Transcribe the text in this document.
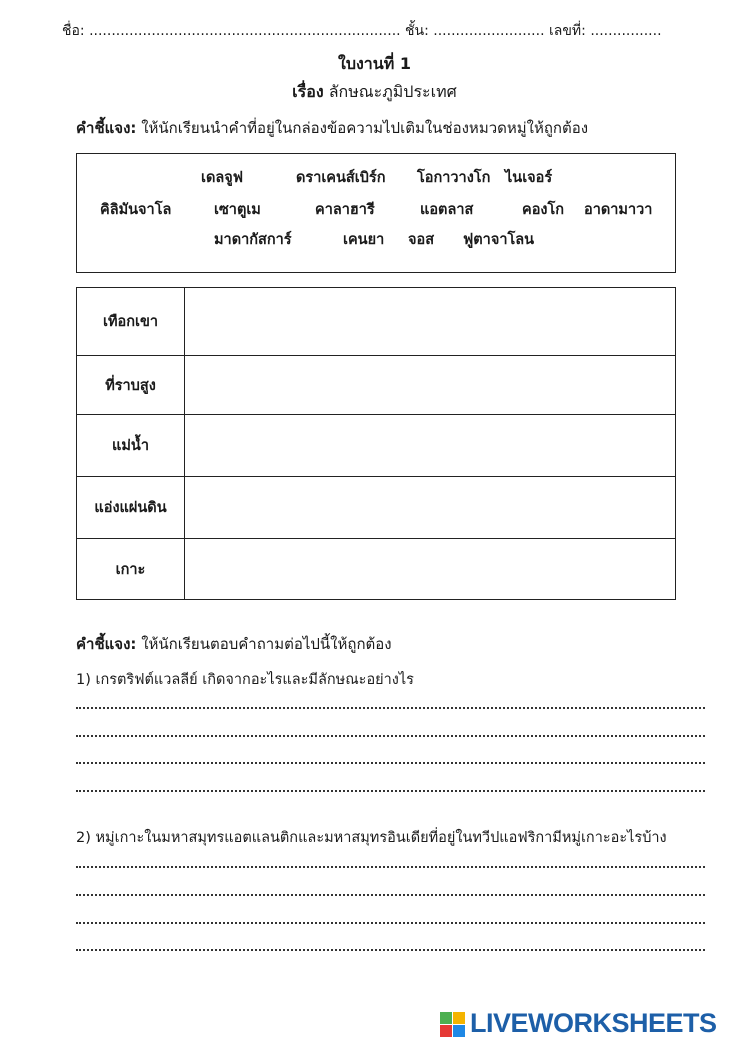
ชื่อ: ...................................................................... ชั้น: ......................... เลขที่: ................
ใบงานที่ 1
เรื่อง ลักษณะภูมิประเทศ
คำชี้แจง: ให้นักเรียนนำคำที่อยู่ในกล่องข้อความไปเติมในช่องหมวดหมู่ให้ถูกต้อง
เดลจูฟ	ดราเคนส์เบิร์ก โอกาวางโก ไนเจอร์
คิลิมันจาโล	เซาตูเม	คาลาฮารี	แอตลาส	คองโก อาดามาวา
มาดากัสการ์	เคนยา จอส ฟูตาจาโลน
เทือกเขา	
ที่ราบสูง	
แม่น้ำ	
แอ่งแผ่นดิน	
เกาะ	
คำชี้แจง: ให้นักเรียนตอบคำถามต่อไปนี้ให้ถูกต้อง
1) เกรตริฟต์แวลลีย์ เกิดจากอะไรและมีลักษณะอย่างไร
2) หมู่เกาะในมหาสมุทรแอตแลนติกและมหาสมุทรอินเดียที่อยู่ในทวีปแอฟริกามีหมู่เกาะอะไรบ้าง
LIVEWORKSHEETS
